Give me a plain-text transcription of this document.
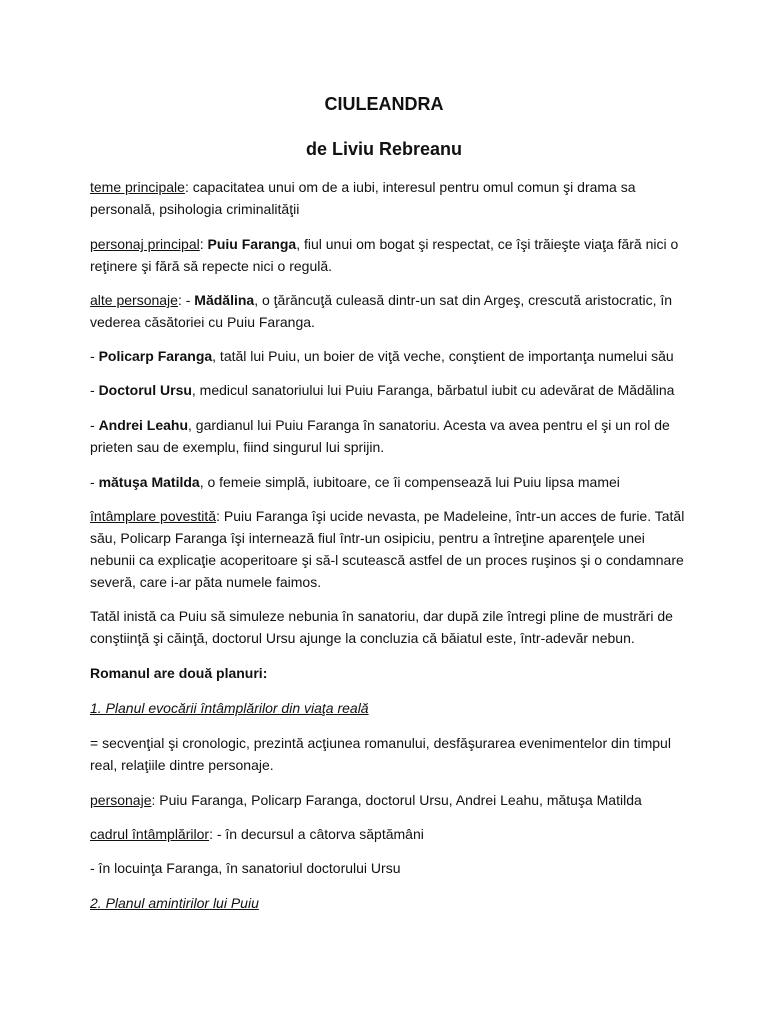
CIULEANDRA
de Liviu Rebreanu

teme principale: capacitatea unui om de a iubi, interesul pentru omul comun şi drama sa personală, psihologia criminalităţii

personaj principal: Puiu Faranga, fiul unui om bogat şi respectat, ce îşi trăieşte viaţa fără nici o reţinere şi fără să repecte nici o regulă.

alte personaje: - Mădălina, o ţărăncuţă culeasă dintr-un sat din Argeş, crescută aristocratic, în vederea căsătoriei cu Puiu Faranga.

- Policarp Faranga, tatăl lui Puiu, un boier de viţă veche, conştient de importanţa numelui său

- Doctorul Ursu, medicul sanatoriului lui Puiu Faranga, bărbatul iubit cu adevărat de Mădălina

- Andrei Leahu, gardianul lui Puiu Faranga în sanatoriu. Acesta va avea pentru el şi un rol de prieten sau de exemplu, fiind singurul lui sprijin.

- mătuşa Matilda, o femeie simplă, iubitoare, ce îi compensează lui Puiu lipsa mamei

întâmplare povestită: Puiu Faranga îşi ucide nevasta, pe Madeleine, într-un acces de furie. Tatăl său, Policarp Faranga îşi internează fiul într-un osipiciu, pentru a întreţine aparenţele unei nebunii ca explicaţie acoperitoare şi să-l scutească astfel de un proces ruşinos şi o condamnare severă, care i-ar păta numele faimos.

Tatăl inistă ca Puiu să simuleze nebunia în sanatoriu, dar după zile întregi pline de mustrări de conştiinţă şi căinţă, doctorul Ursu ajunge la concluzia că băiatul este, într-adevăr nebun.

Romanul are două planuri:

1. Planul evocării întâmplărilor din viaţa reală

= secvenţial şi cronologic, prezintă acţiunea romanului, desfăşurarea evenimentelor din timpul real, relaţiile dintre personaje.

personaje: Puiu Faranga, Policarp Faranga, doctorul Ursu, Andrei Leahu, mătuşa Matilda

cadrul întâmplărilor: - în decursul a câtorva săptămâni

- în locuinţa Faranga, în sanatoriul doctorului Ursu

2. Planul amintirilor lui Puiu
